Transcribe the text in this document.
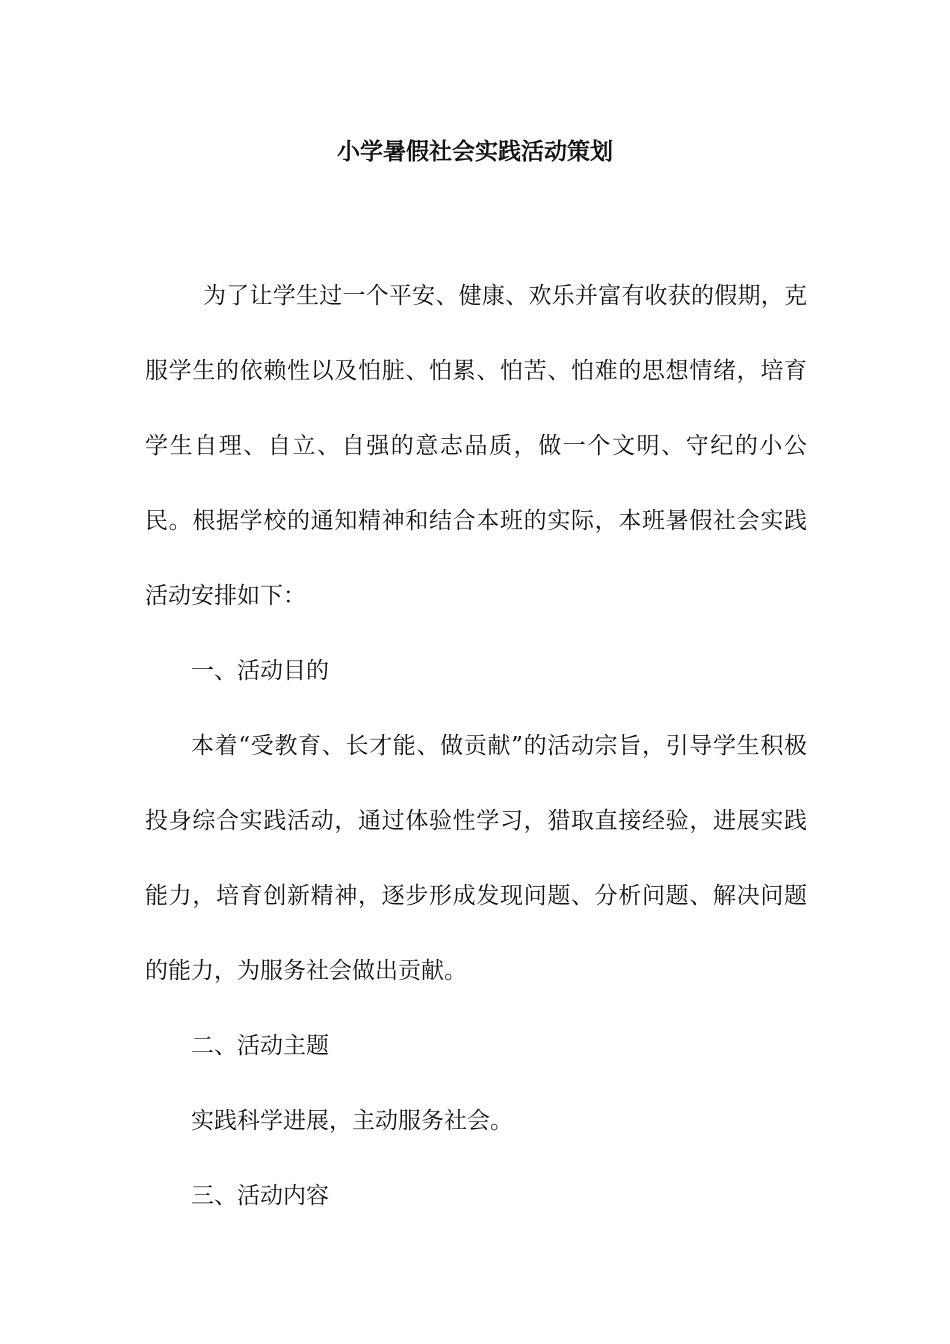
小学暑假社会实践活动策划

为了让学生过一个平安、健康、欢乐并富有收获的假期，克服学生的依赖性以及怕脏、怕累、怕苦、怕难的思想情绪，培育学生自理、自立、自强的意志品质，做一个文明、守纪的小公民。根据学校的通知精神和结合本班的实际，本班暑假社会实践活动安排如下：

一、活动目的

本着“受教育、长才能、做贡献”的活动宗旨，引导学生积极投身综合实践活动，通过体验性学习，猎取直接经验，进展实践能力，培育创新精神，逐步形成发现问题、分析问题、解决问题的能力，为服务社会做出贡献。

二、活动主题

实践科学进展，主动服务社会。

三、活动内容
